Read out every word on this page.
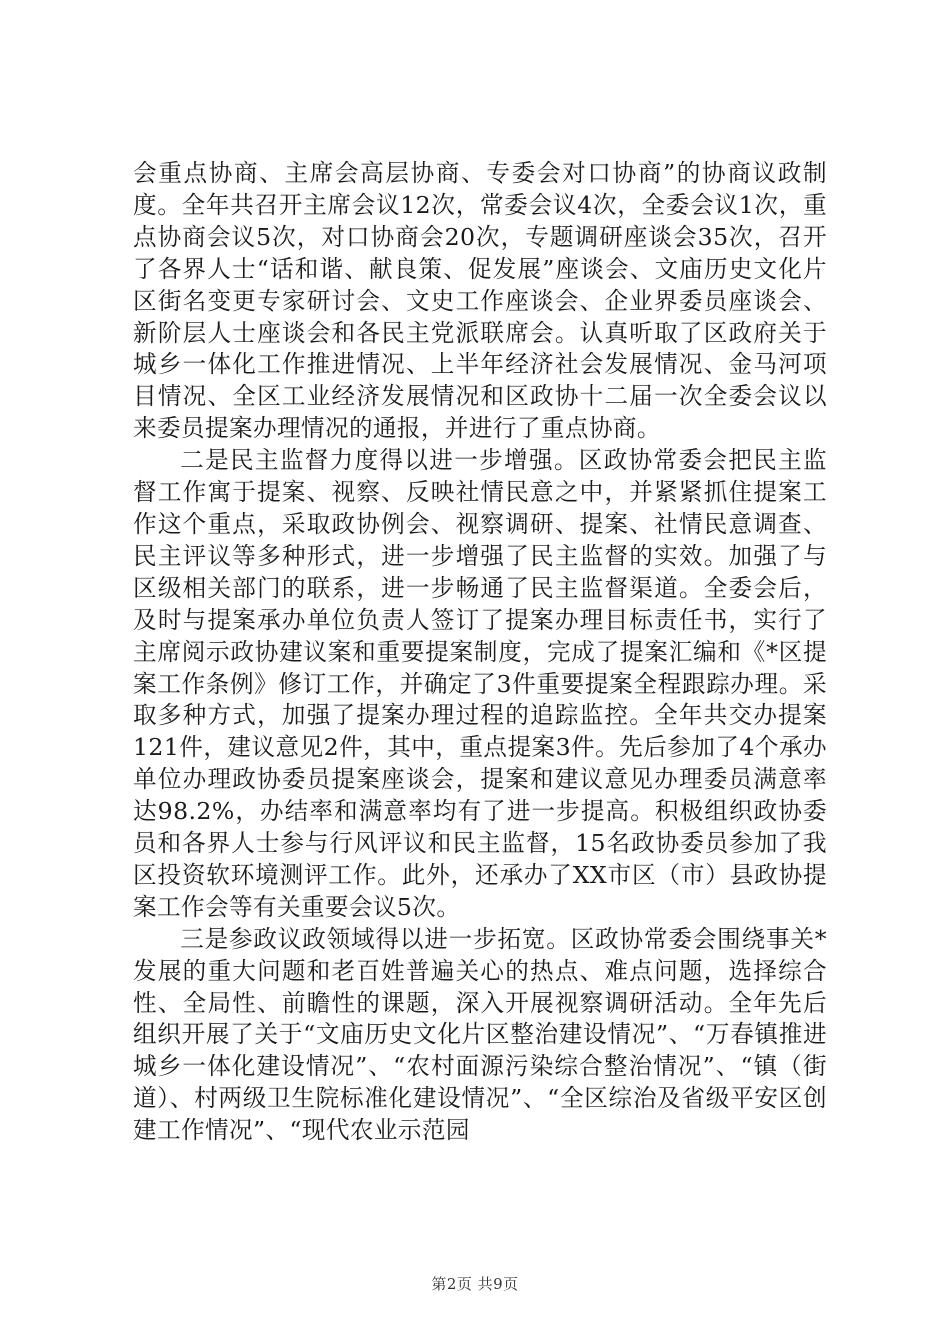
会重点协商、主席会高层协商、专委会对口协商”的协商议政制度。全年共召开主席会议12次，常委会议4次，全委会议1次，重点协商会议5次，对口协商会20次，专题调研座谈会35次，召开了各界人士“话和谐、献良策、促发展”座谈会、文庙历史文化片区街名变更专家研讨会、文史工作座谈会、企业界委员座谈会、新阶层人士座谈会和各民主党派联席会。认真听取了区政府关于城乡一体化工作推进情况、上半年经济社会发展情况、金马河项目情况、全区工业经济发展情况和区政协十二届一次全委会议以来委员提案办理情况的通报，并进行了重点协商。

二是民主监督力度得以进一步增强。区政协常委会把民主监督工作寓于提案、视察、反映社情民意之中，并紧紧抓住提案工作这个重点，采取政协例会、视察调研、提案、社情民意调查、民主评议等多种形式，进一步增强了民主监督的实效。加强了与区级相关部门的联系，进一步畅通了民主监督渠道。全委会后，及时与提案承办单位负责人签订了提案办理目标责任书，实行了主席阅示政协建议案和重要提案制度，完成了提案汇编和《*区提案工作条例》修订工作，并确定了3件重要提案全程跟踪办理。采取多种方式，加强了提案办理过程的追踪监控。全年共交办提案121件，建议意见2件，其中，重点提案3件。先后参加了4个承办单位办理政协委员提案座谈会，提案和建议意见办理委员满意率达98.2%，办结率和满意率均有了进一步提高。积极组织政协委员和各界人士参与行风评议和民主监督，15名政协委员参加了我区投资软环境测评工作。此外，还承办了XX市区（市）县政协提案工作会等有关重要会议5次。

三是参政议政领域得以进一步拓宽。区政协常委会围绕事关*发展的重大问题和老百姓普遍关心的热点、难点问题，选择综合性、全局性、前瞻性的课题，深入开展视察调研活动。全年先后组织开展了关于“文庙历史文化片区整治建设情况”、“万春镇推进城乡一体化建设情况”、“农村面源污染综合整治情况”、“镇（街道）、村两级卫生院标准化建设情况”、“全区综治及省级平安区创建工作情况”、“现代农业示范园

第2页 共9页
